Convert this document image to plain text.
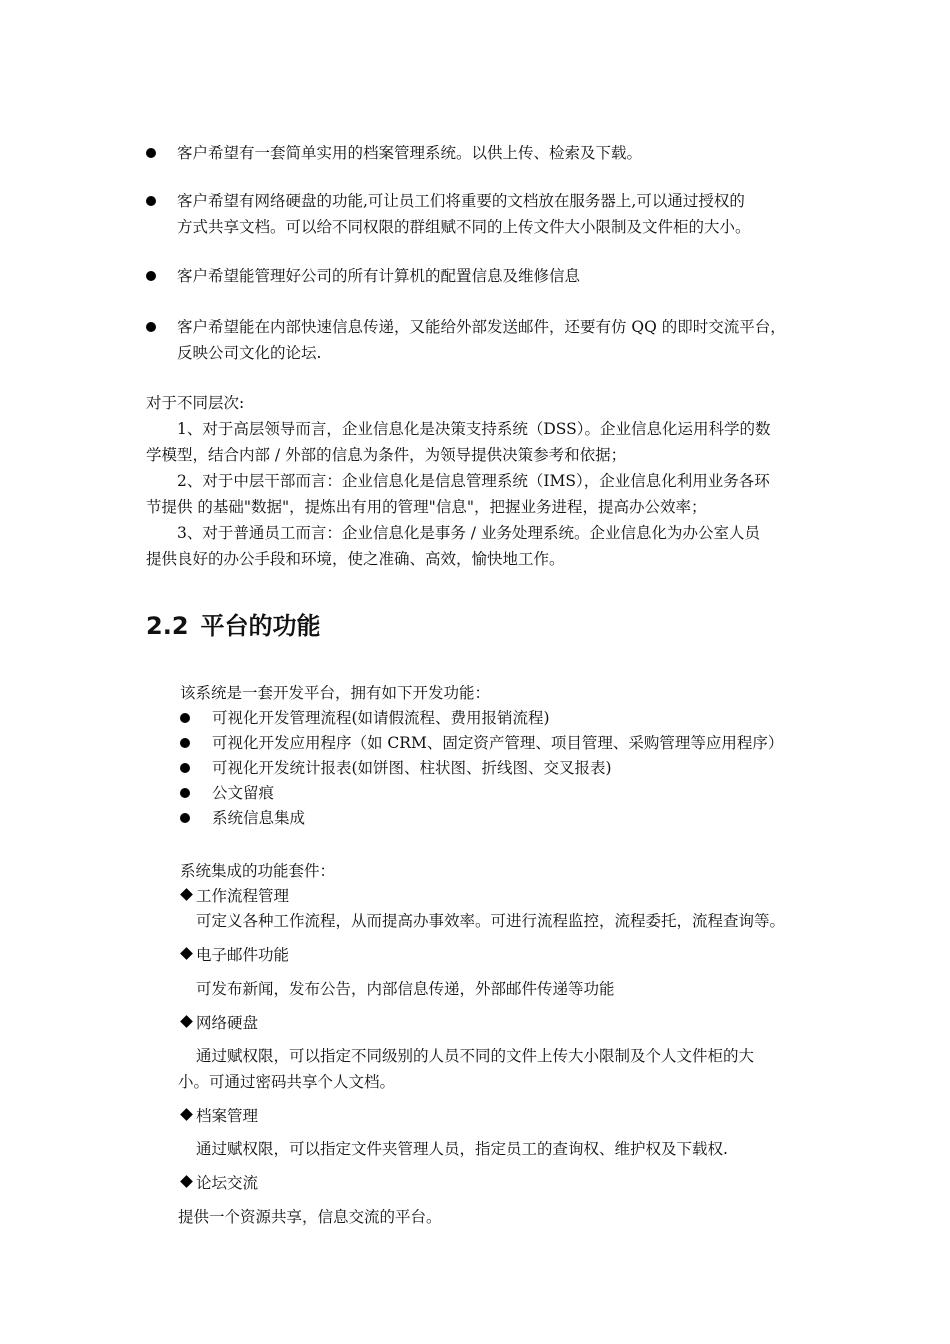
客户希望有一套简单实用的档案管理系统。以供上传、检索及下载。
客户希望有网络硬盘的功能,可让员工们将重要的文档放在服务器上,可以通过授权的
方式共享文档。可以给不同权限的群组赋不同的上传文件大小限制及文件柜的大小。
客户希望能管理好公司的所有计算机的配置信息及维修信息
客户希望能在内部快速信息传递，又能给外部发送邮件，还要有仿 QQ 的即时交流平台，
反映公司文化的论坛.
对于不同层次:
1、对于高层领导而言，企业信息化是决策支持系统（DSS）。企业信息化运用科学的数
学模型，结合内部 / 外部的信息为条件，为领导提供决策参考和依据；
2、对于中层干部而言：企业信息化是信息管理系统（IMS），企业信息化利用业务各环
节提供 的基础"数据"，提炼出有用的管理"信息"，把握业务进程，提高办公效率；
3、对于普通员工而言：企业信息化是事务 / 业务处理系统。企业信息化为办公室人员
提供良好的办公手段和环境，使之准确、高效，愉快地工作。
2.2 平台的功能
该系统是一套开发平台，拥有如下开发功能：
可视化开发管理流程(如请假流程、费用报销流程)
可视化开发应用程序（如 CRM、固定资产管理、项目管理、采购管理等应用程序）
可视化开发统计报表(如饼图、柱状图、折线图、交叉报表)
公文留痕
系统信息集成
系统集成的功能套件：
工作流程管理
可定义各种工作流程，从而提高办事效率。可进行流程监控，流程委托，流程查询等。
电子邮件功能
可发布新闻，发布公告，内部信息传递，外部邮件传递等功能
网络硬盘
通过赋权限，可以指定不同级别的人员不同的文件上传大小限制及个人文件柜的大
小。可通过密码共享个人文档。
档案管理
通过赋权限，可以指定文件夹管理人员，指定员工的查询权、维护权及下载权.
论坛交流
提供一个资源共享，信息交流的平台。
